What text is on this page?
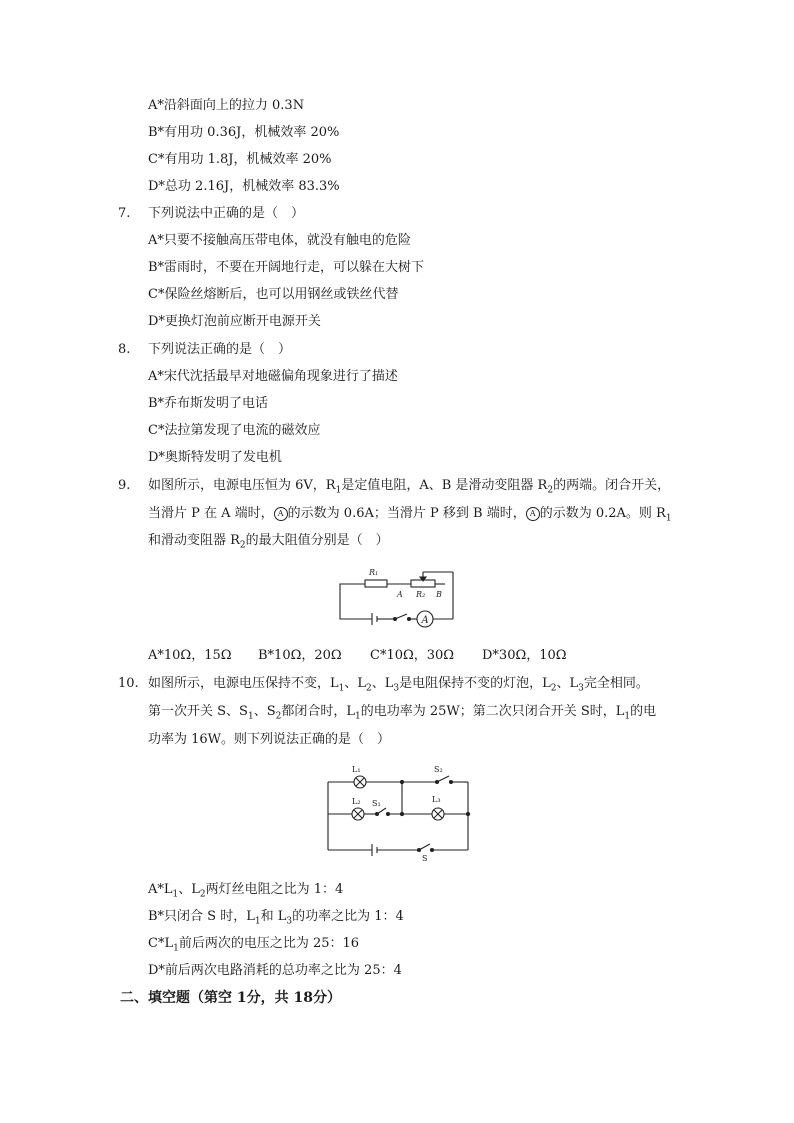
A*沿斜面向上的拉力 0.3N
B*有用功 0.36J，机械效率 20%
C*有用功 1.8J，机械效率 20%
D*总功 2.16J，机械效率 83.3%
7. 下列说法中正确的是（　）
A*只要不接触高压带电体，就没有触电的危险
B*雷雨时，不要在开阔地行走，可以躲在大树下
C*保险丝熔断后，也可以用钢丝或铁丝代替
D*更换灯泡前应断开电源开关
8. 下列说法正确的是（　）
A*宋代沈括最早对地磁偏角现象进行了描述
B*乔布斯发明了电话
C*法拉第发现了电流的磁效应
D*奥斯特发明了发电机
9. 如图所示，电源电压恒为 6V，$R_1$是定值电阻，A、B 是滑动变阻器 $R_2$的两端。闭合开关，
当滑片 P 在 A 端时， A 的示数为 0.6A；当滑片 P 移到 B 端时， A 的示数为 0.2A。则 $R_1$
和滑动变阻器 $R_2$的最大阻值分别是（　）
A
R₁
A R₂ B
A*10Ω，15Ω B*10Ω，20Ω C*10Ω，30Ω D*30Ω，10Ω
10. 如图所示，电源电压保持不变，$L_1$、$L_2$、$L_3$是电阻保持不变的灯泡，$L_2$、$L_3$完全相同。
第一次开关 S、$S_1$、$S_2$都闭合时，$L_1$的电功率为 25W；第二次只闭合开关 S时，$L_1$的电
功率为 16W。则下列说法正确的是（　）
L₁	S₂
L₂ S₁	L₃
S
$A*L_1$、$L_2$两灯丝电阻之比为 1：4
B*只闭合 S 时，$L_1$和 $L_3$的功率之比为 1：4
$C*L_1$前后两次的电压之比为 25：16
D*前后两次电路消耗的总功率之比为 25：4
二、填空题（第空 1分，共 18分）
